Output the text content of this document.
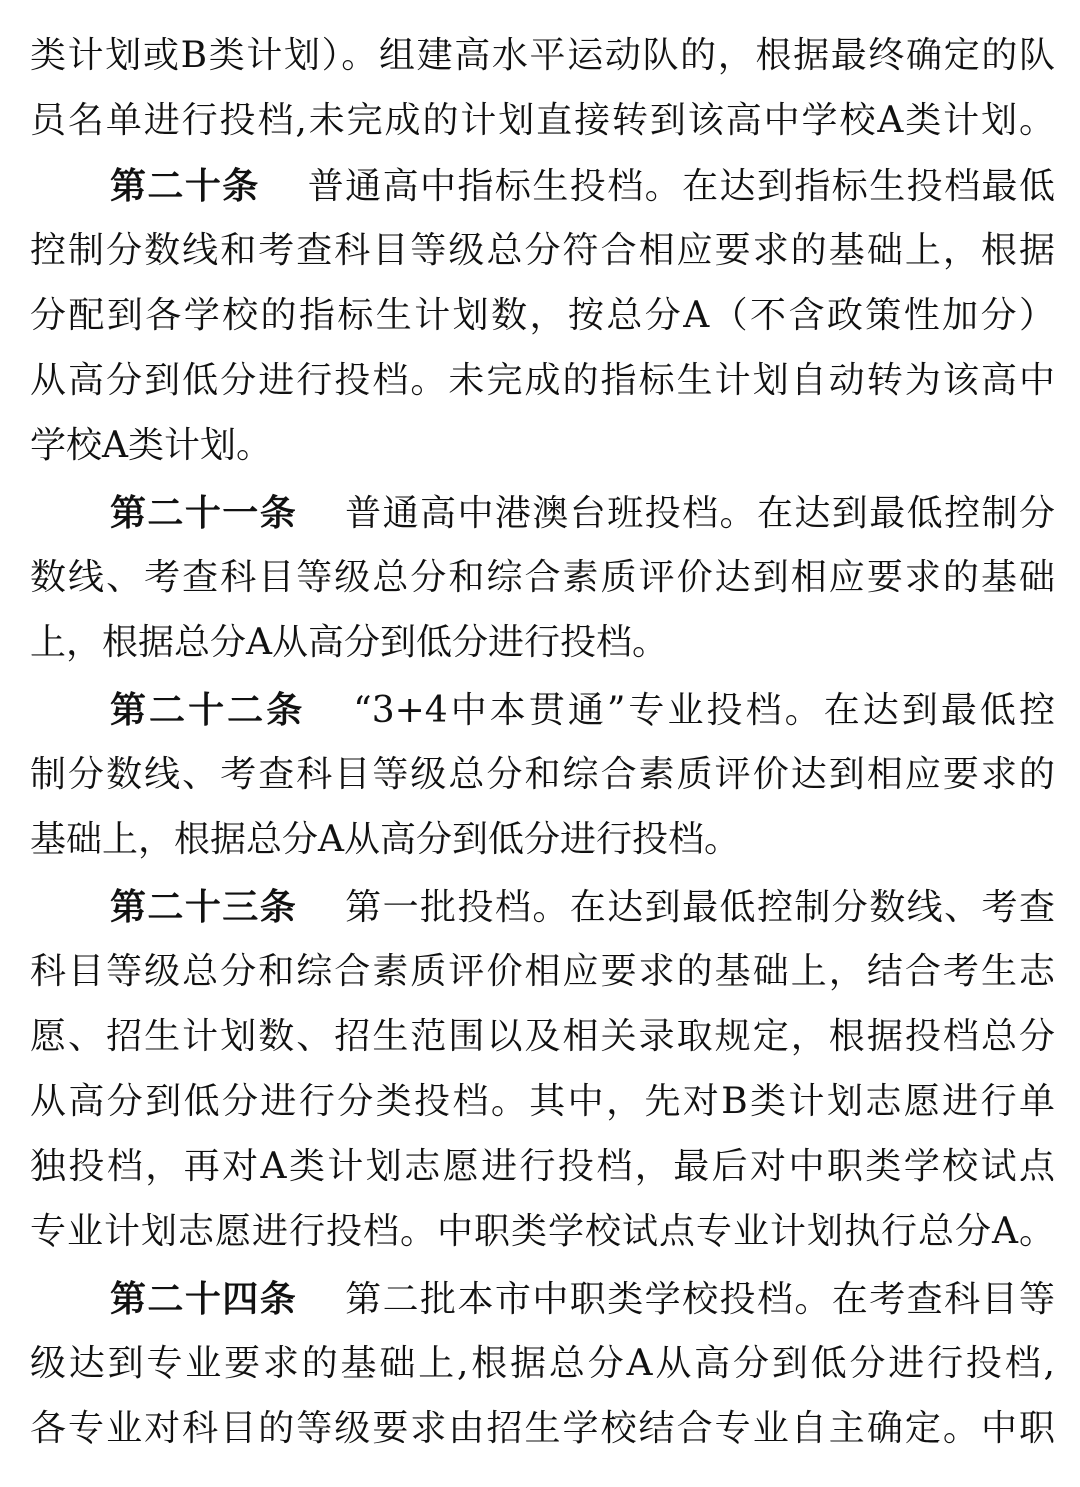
类计划或B类计划）。组建高水平运动队的，根据最终确定的队
员名单进行投档,未完成的计划直接转到该高中学校A类计划。
第二十条 普通高中指标生投档。在达到指标生投档最低
控制分数线和考查科目等级总分符合相应要求的基础上，根据
分配到各学校的指标生计划数，按总分A（不含政策性加分）
从高分到低分进行投档。未完成的指标生计划自动转为该高中
学校A类计划。
第二十一条 普通高中港澳台班投档。在达到最低控制分
数线、考查科目等级总分和综合素质评价达到相应要求的基础
上，根据总分A从高分到低分进行投档。
第二十二条 “3+4中本贯通”专业投档。在达到最低控
制分数线、考查科目等级总分和综合素质评价达到相应要求的
基础上，根据总分A从高分到低分进行投档。
第二十三条 第一批投档。在达到最低控制分数线、考查
科目等级总分和综合素质评价相应要求的基础上，结合考生志
愿、招生计划数、招生范围以及相关录取规定，根据投档总分
从高分到低分进行分类投档。其中，先对B类计划志愿进行单
独投档，再对A类计划志愿进行投档，最后对中职类学校试点
专业计划志愿进行投档。中职类学校试点专业计划执行总分A。
第二十四条 第二批本市中职类学校投档。在考查科目等
级达到专业要求的基础上,根据总分A从高分到低分进行投档,
各专业对科目的等级要求由招生学校结合专业自主确定。中职
